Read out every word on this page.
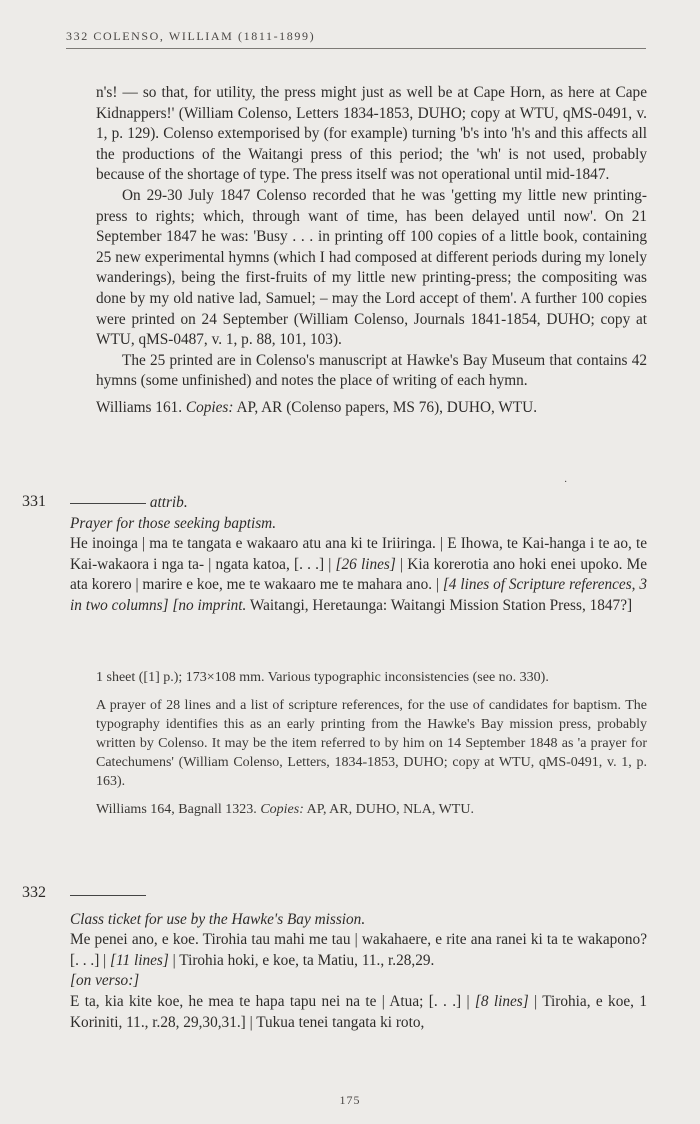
332 COLENSO, WILLIAM (1811-1899)

n's! — so that, for utility, the press might just as well be at Cape Horn, as here at Cape Kidnappers!' (William Colenso, Letters 1834-1853, DUHO; copy at WTU, qMS-0491, v. 1, p. 129). Colenso extemporised by (for example) turning 'b's into 'h's and this affects all the productions of the Waitangi press of this period; the 'wh' is not used, probably because of the shortage of type. The press itself was not operational until mid-1847.

On 29-30 July 1847 Colenso recorded that he was 'getting my little new printing-press to rights; which, through want of time, has been delayed until now'. On 21 September 1847 he was: 'Busy . . . in printing off 100 copies of a little book, containing 25 new experimental hymns (which I had composed at different periods during my lonely wanderings), being the first-fruits of my little new printing-press; the compositing was done by my old native lad, Samuel; – may the Lord accept of them'. A further 100 copies were printed on 24 September (William Colenso, Journals 1841-1854, DUHO; copy at WTU, qMS-0487, v. 1, p. 88, 101, 103).

The 25 printed are in Colenso's manuscript at Hawke's Bay Museum that contains 42 hymns (some unfinished) and notes the place of writing of each hymn.

Williams 161. Copies: AP, AR (Colenso papers, MS 76), DUHO, WTU.

·
331	attrib.

Prayer for those seeking baptism.

He inoinga | ma te tangata e wakaaro atu ana ki te Iriiringa. | E Ihowa, te Kai-hanga i te ao, te Kai-wakaora i nga ta- | ngata katoa, [. . .] | [26 lines] | Kia korerotia ano hoki enei upoko. Me ata korero | marire e koe, me te wakaaro me te mahara ano. | [4 lines of Scripture references, 3 in two columns] [no imprint. Waitangi, Heretaunga: Waitangi Mission Station Press, 1847?]

1 sheet ([1] p.); 173×108 mm. Various typographic inconsistencies (see no. 330).

A prayer of 28 lines and a list of scripture references, for the use of candidates for baptism. The typography identifies this as an early printing from the Hawke's Bay mission press, probably written by Colenso. It may be the item referred to by him on 14 September 1848 as 'a prayer for Catechumens' (William Colenso, Letters, 1834-1853, DUHO; copy at WTU, qMS-0491, v. 1, p. 163).

Williams 164, Bagnall 1323. Copies: AP, AR, DUHO, NLA, WTU.

332

Class ticket for use by the Hawke's Bay mission.

Me penei ano, e koe. Tirohia tau mahi me tau | wakahaere, e rite ana ranei ki ta te wakapono? [. . .] | [11 lines] | Tirohia hoki, e koe, ta Matiu, 11., r.28,29.

[on verso:]

E ta, kia kite koe, he mea te hapa tapu nei na te | Atua; [. . .] | [8 lines] | Tirohia, e koe, 1 Koriniti, 11., r.28, 29,30,31.] | Tukua tenei tangata ki roto,

175
